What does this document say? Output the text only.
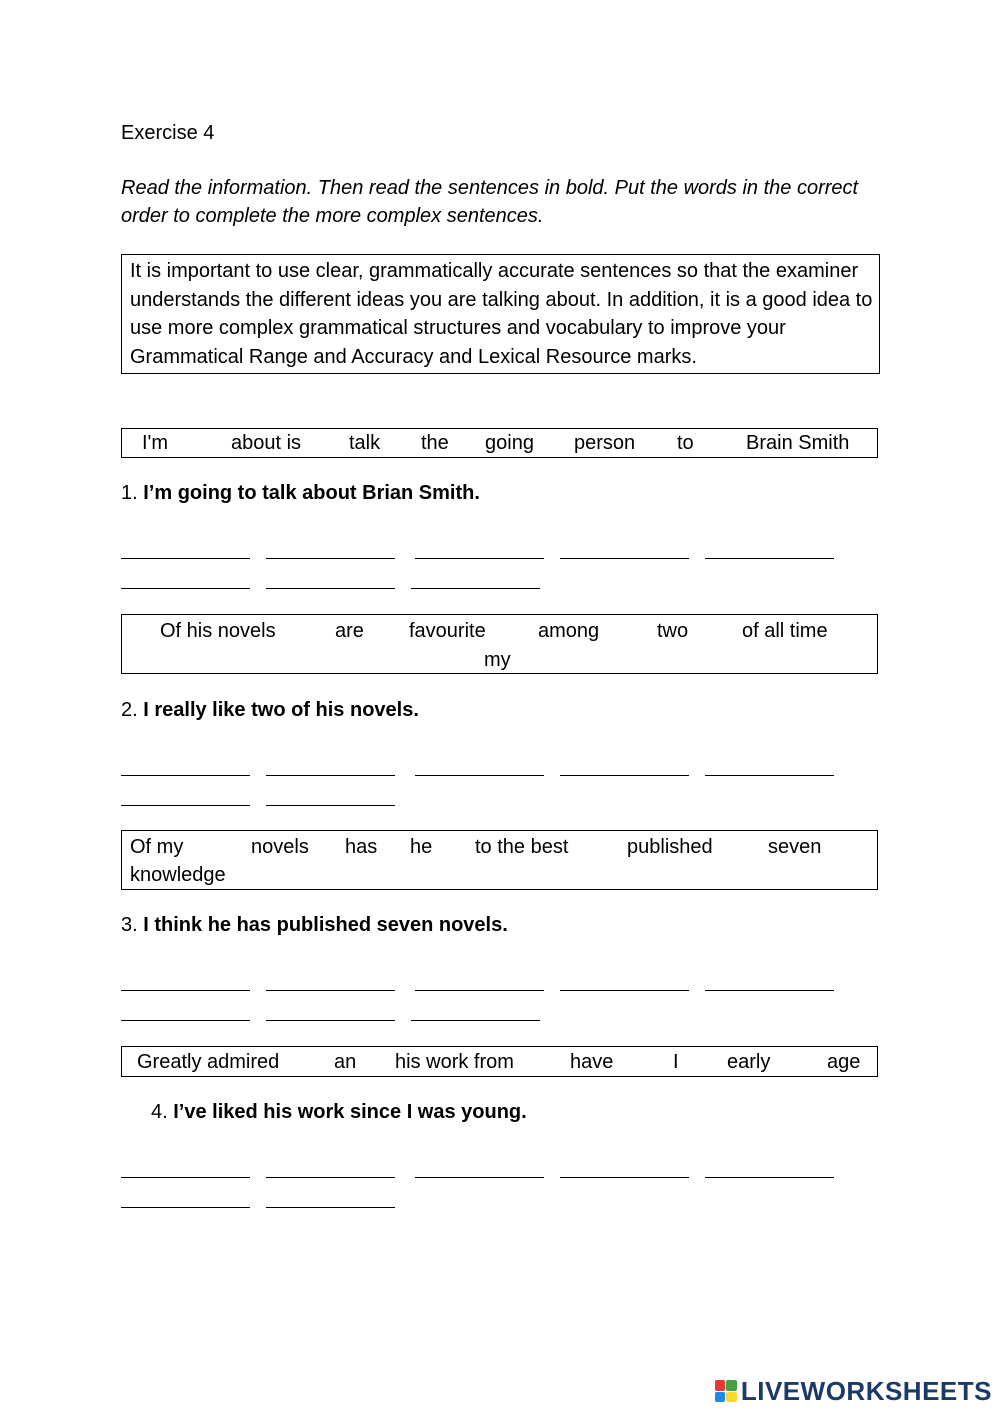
Exercise 4
Read the information. Then read the sentences in bold. Put the words in the correct order to complete the more complex sentences.
It is important to use clear, grammatically accurate sentences so that the examiner understands the different ideas you are talking about. In addition, it is a good idea to use more complex grammatical structures and vocabulary to improve your Grammatical Range and Accuracy and Lexical Resource marks.
I'm	about is talk the going person to	Brain Smith
1. I’m going to talk about Brian Smith.
Of his novels	are favourite	among	two	of all time
my
2. I really like two of his novels.
Of my	novels has he to the best	published	seven
knowledge
3. I think he has published seven novels.
Greatly admired	an his work from	have	I early	age
4. I’ve liked his work since I was young.
LIVEWORKSHEETS
